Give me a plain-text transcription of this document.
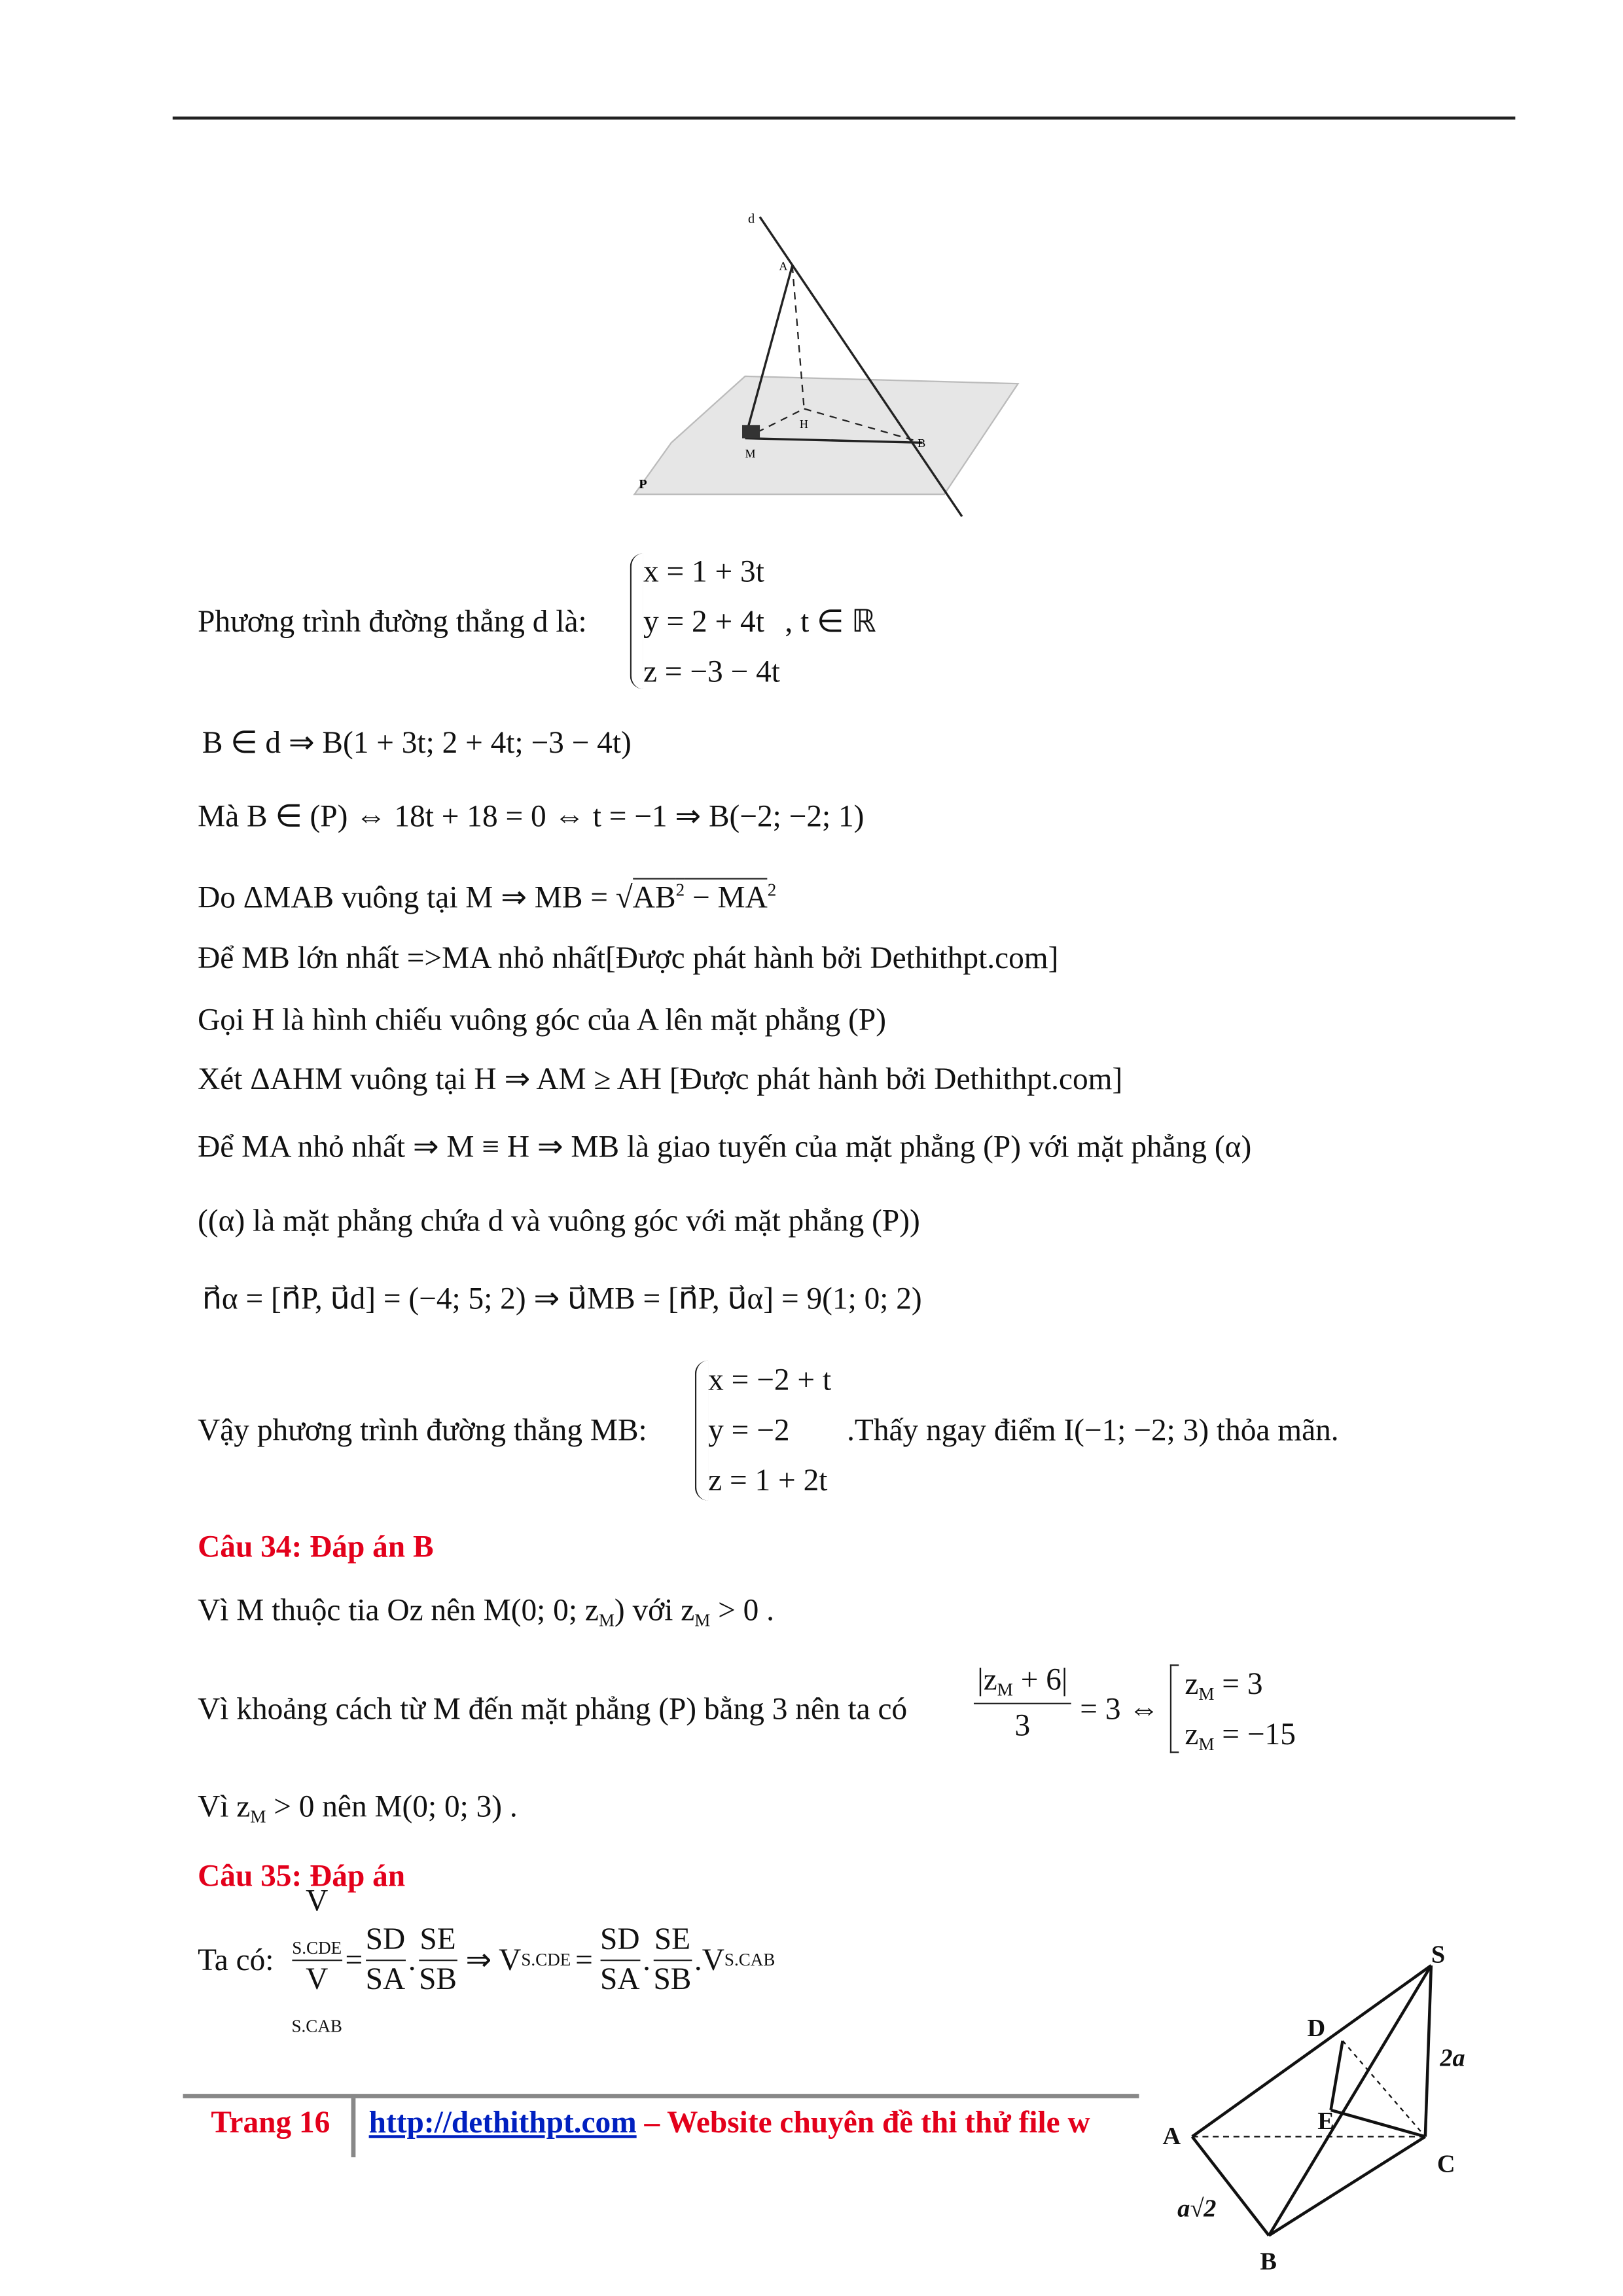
d
A
H
M
B
P
Phương trình đường thẳng d là:
x = 1 + 3t
y = 2 + 4t
z = −3 − 4t
, t ∈ ℝ
B ∈ d ⇒ B(1 + 3t; 2 + 4t; −3 − 4t)
Mà B ∈ (P) ⇔ 18t + 18 = 0 ⇔ t = −1 ⇒ B(−2; −2; 1)
Do ΔMAB vuông tại M ⇒ MB = $√AB^2 - MA^2$
Để MB lớn nhất =>MA nhỏ nhất[Được phát hành bởi Dethithpt.com]
Gọi H là hình chiếu vuông góc của A lên mặt phẳng (P)
Xét ΔAHM vuông tại H ⇒ AM ≥ AH [Được phát hành bởi Dethithpt.com]
Để MA nhỏ nhất ⇒ M ≡ H ⇒ MB là giao tuyến của mặt phẳng (P) với mặt phẳng (α)
((α) là mặt phẳng chứa d và vuông góc với mặt phẳng (P))
n⃗α = [n⃗P, u⃗d] = (−4; 5; 2) ⇒ u⃗MB = [n⃗P, u⃗α] = 9(1; 0; 2)
Vậy phương trình đường thẳng MB:
x = −2 + t
y = −2
z = 1 + 2t
.Thấy ngay điểm I(−1; −2; 3) thỏa mãn.
Câu 34: Đáp án B
Vì M thuộc tia Oz nên M(0; 0; $z_M$) với $z_M > 0$ .
Vì khoảng cách từ M đến mặt phẳng (P) bằng 3 nên ta có	$\frac{|z_M + 6|}{3} = 3$ ⇔
$z_M = 3$
$z_M = -15$
Vì $z_M > 0$ nên M(0; 0; 3) .
Câu 35: Đáp án
Ta có: V
$_{S.CDE}$
V
$_{S.CAB} = \frac{SD}{SA}$ . $\frac{SE}{SB}$ ⇒ V $S.CDE = \frac{SD}{SA}$ . $\frac{SE}{SB} .V$ S.CAB
Trang 16	http://dethithpt.com – Website chuyên đề thi thử file w
S
D
2a
E
A
C
a√2
B
